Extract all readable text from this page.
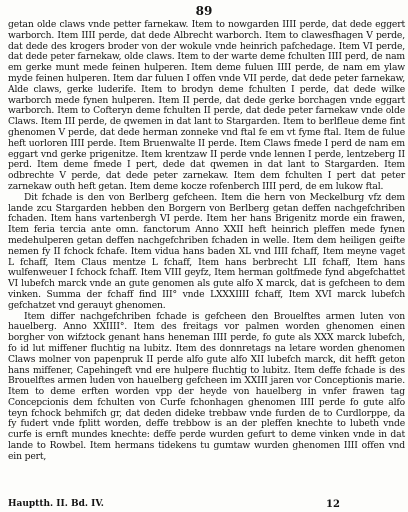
89

getan olde claws vnde petter farnekaw. Item to nowgarden IIII perde, dat dede eggert warborch. Item IIII perde, dat dede Albrecht warborch. Item to clawesfhagen V perde, dat dede des krogers broder von der wokule vnde heinrich pafchedage. Item VI perde, dat dede peter farnekaw, olde claws. Item to der warte deme fchulten IIII perd, de nam em gerke munt mede feinen hulperen. Item deme fuluen IIII perde, de nam em ylaw myde feinen hulperen. Item dar fuluen I offen vnde VII perde, dat dede peter farnekaw, Alde claws, gerke luderife. Item to brodyn deme fchulten I perde, dat dede wilke warborch mede fynen hulperen. Item II perde, dat dede gerke borchagen vnde eggart warborch. Item to Cofteryn deme fchulten II perde, dat dede peter farnekaw vnde olde Claws. Item III perde, de qwemen in dat lant to Stargarden. Item to berlfleue deme fint ghenomen V perde, dat dede herman zonneke vnd ftal fe em vt fyme ftal. Item de fuluе heft uorloren IIII perde. Item Bruenwalte II perde. Item Claws fmede I perd de nam em eggart vnd gerke prigenitze. Item krentzaw II perde vnde lennen I perde, lentzeberg II perd. Item deme fmede I pert, dede dat qwemen in dat lant to Stargarden. Item odbrechte V perde, dat dede peter zarnekaw. Item dem fchulten I pert dat peter zarnekaw outh heft getan. Item deme kocze rofenberch IIII perd, de em lukow ftal.

Dit fchade is den von Berlberg gefcheen. Item die hern von Meckelburg vfz dem lande zcu Stargarden hebben den Borgern von Berlberg getan deffen nachgefchriben fchaden. Item hans vartenbergh VI perde. Item her hans Brigenitz morde ein frawen, Item feria tercia ante omn. fanctorum Anno XXII heft heinrich pleffen mede fynen medehulperen getan deffen nachgefchriben fchaden in welle. Item dem heiligen geifte nemen fy II fchock fchafe. Item vidua hans baden XL vnd IIII fchaff, Item meyne vaget L fchaff, Item Claus mentze L fchaff, Item hans berbrecht LII fchaff, Item hans wulfenweuer I fchock fchaff. Item VIII geyfz, Item herman goltfmede fynd abgefchattet VI lubefch marck vnde an gute genomen als gute alfo X marck, dat is gefcheen to dem vinken. Summa der fchaff find III° vnde LXXXIIII fchaff, Item XVI marck lubefch gefchatzet vnd gerauyt ghenomen.

Item differ nachgefchriben fchade is gefcheen den Brouelftes armen luten von hauelberg. Anno XXIIII°. Item des freitags vor palmen worden ghenomen einen borgher von wifztock genant hans heneman IIII perde, fo gute als XXX marck lubefch, fo id lut miffener fluchtig na lubitz. Item des donnretags na letare worden ghenomen Claws molner von papenpruk II perde alfo gute alfo XII lubefch marck, dit hefft geton hans miffener, Capehingeft vnd ere hulpere fluchtig to lubitz. Item deffe fchade is des Brouelftes armen luden von hauelberg gefcheen im XXIII jaren vor Conceptionis marie. Item to deme erften worden vpp der heyde von hauelberg in vnfer frawen tag Concepcionis dem fchulten von Curfe fchonhagen ghenomen IIII perde fo gute alfo teyn fchock behmifch gr, dat deden dideke trebbaw vnde furden de to Curdlorppe, da fy fudert vnde fplitt worden, deffe trebbow is an der pleffen knechte to lubeth vnde curfe is ernft mundes knechte: deffe perde wurden gefurt to deme vinken vnde in dat lande to Rowbel. Item hermans tidekens tu gumtaw wurden ghenomen IIII offen vnd ein pert,

Hauptth. II. Bd. IV.	12
